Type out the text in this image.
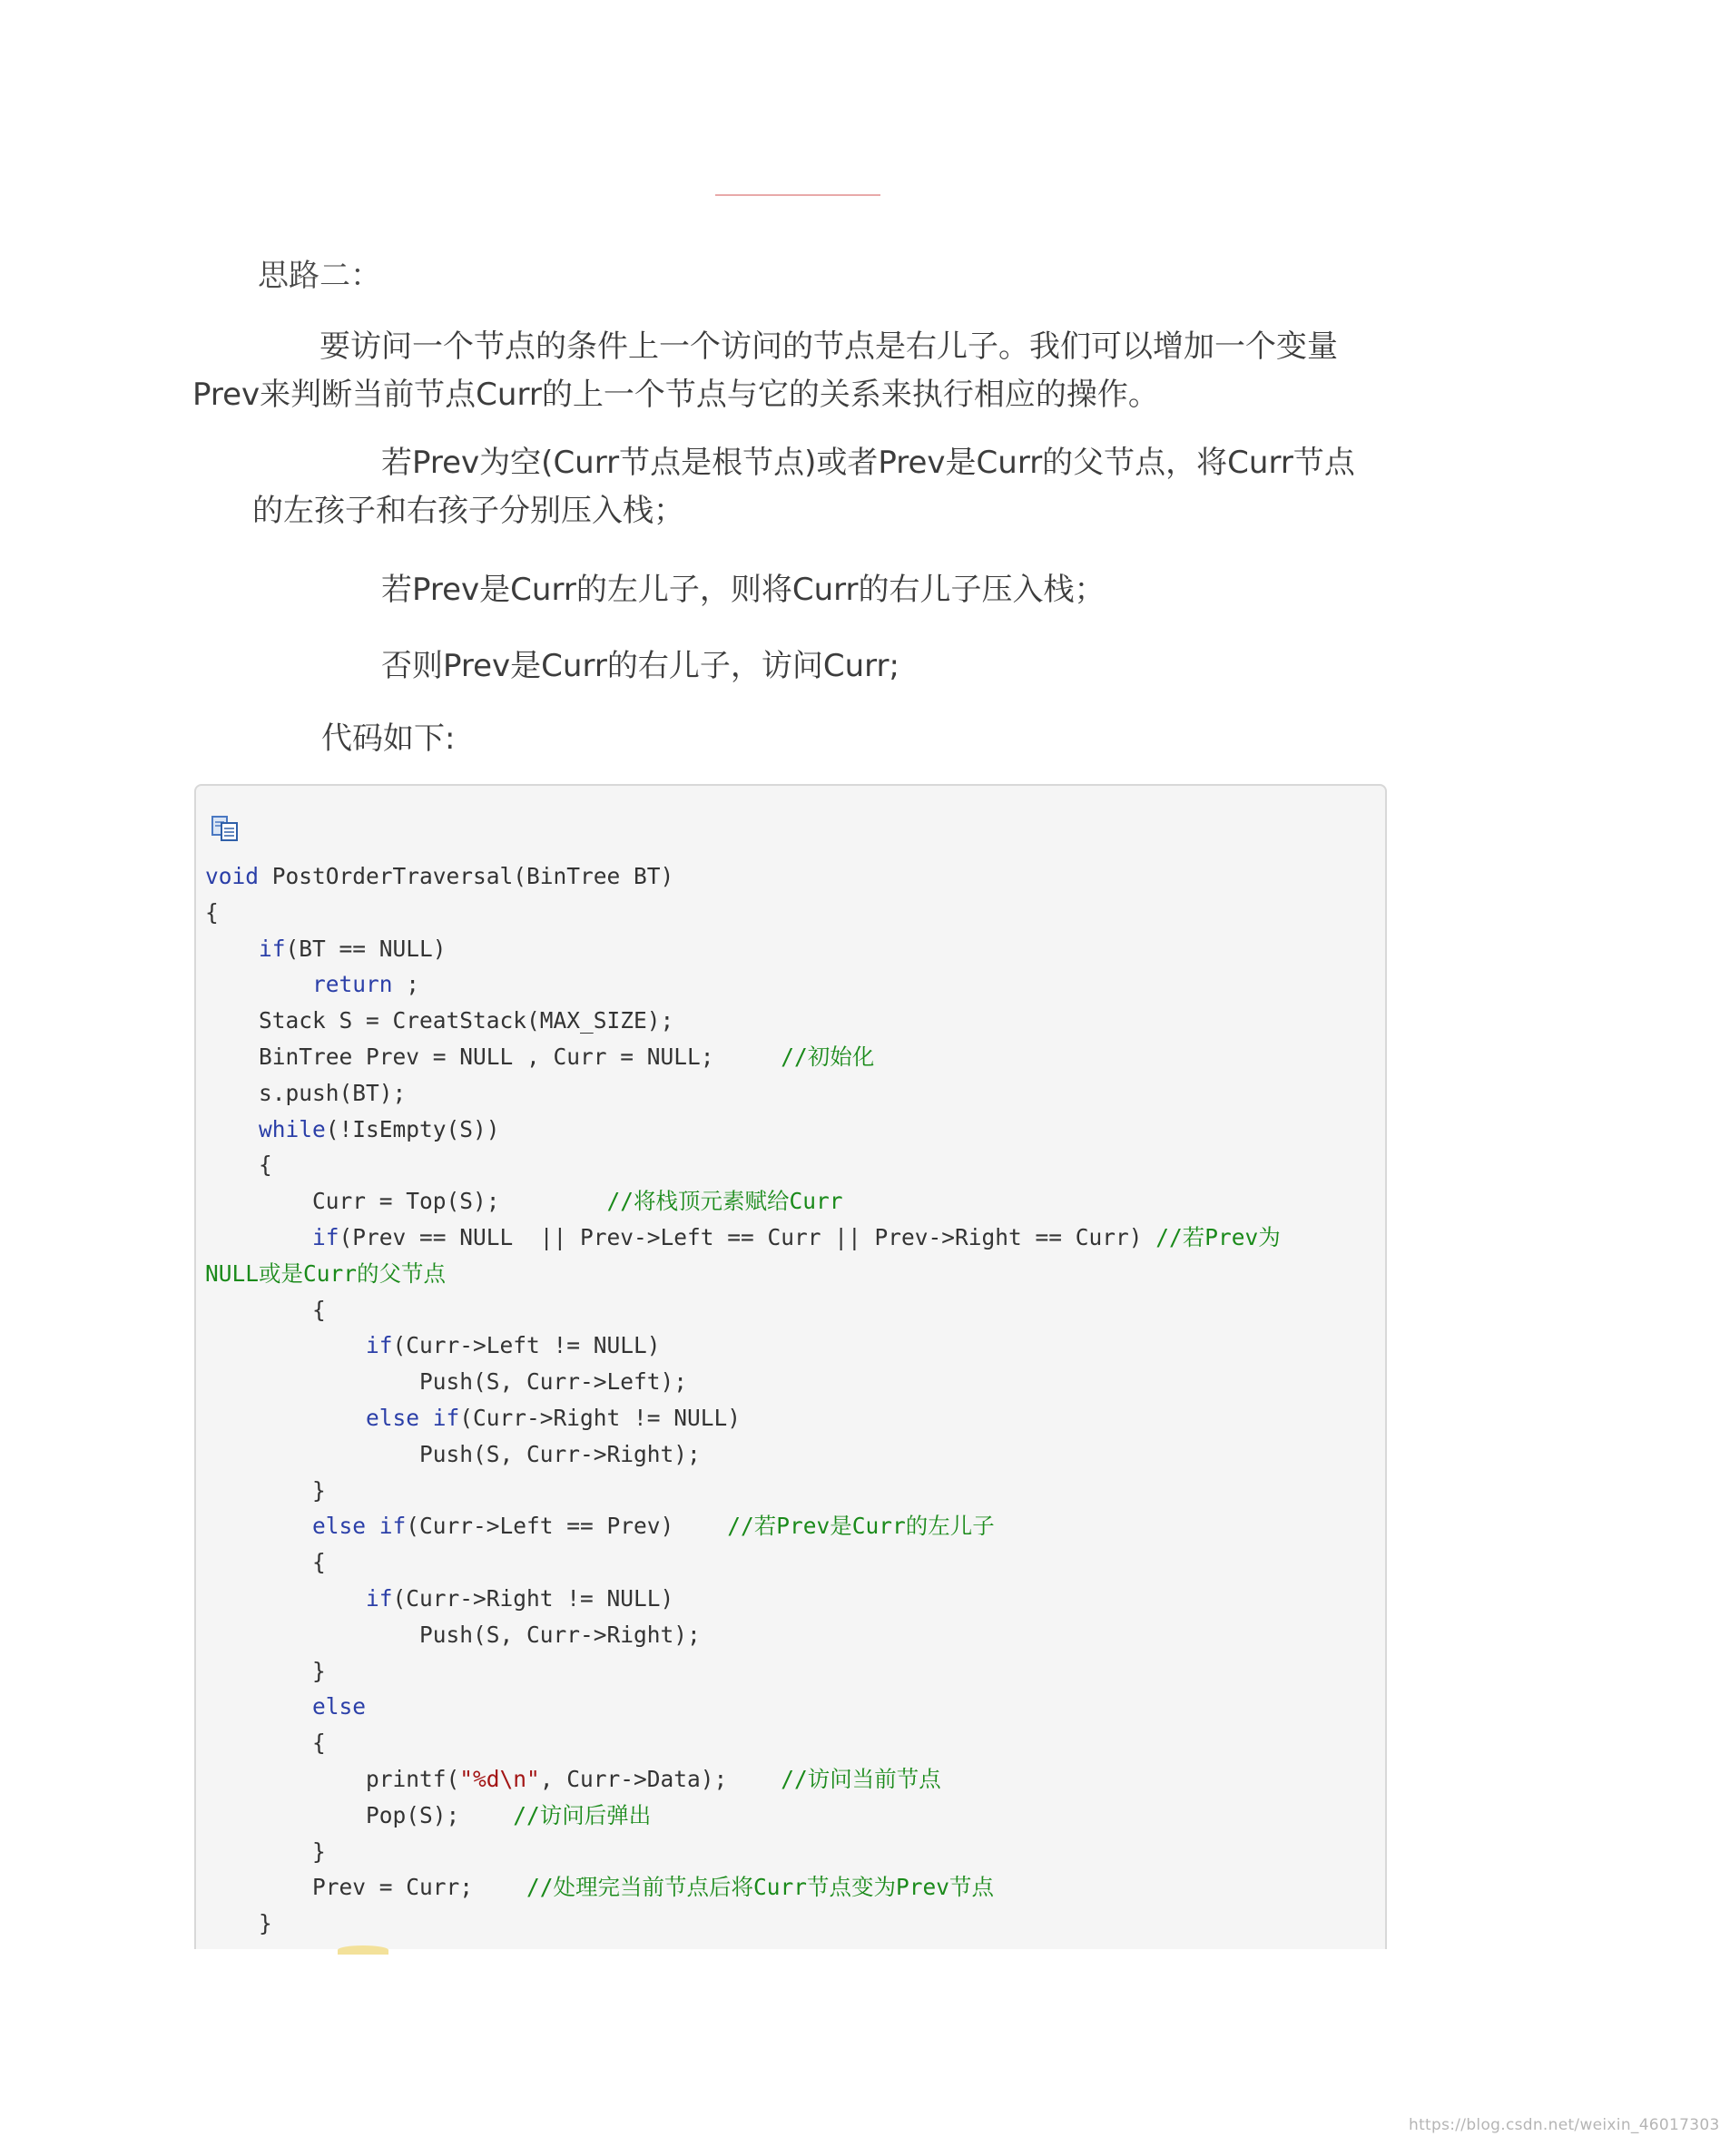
思路二：
要访问一个节点的条件上一个访问的节点是右儿子。我们可以增加一个变量Prev来判断当前节点Curr的上一个节点与它的关系来执行相应的操作。
若Prev为空(Curr节点是根节点)或者Prev是Curr的父节点，将Curr节点的左孩子和右孩子分别压入栈；
若Prev是Curr的左儿子，则将Curr的右儿子压入栈；
否则Prev是Curr的右儿子，访问Curr;
代码如下:
void PostOrderTraversal(BinTree BT)
{
if(BT == NULL)
return ;
Stack S = CreatStack(MAX_SIZE);
BinTree Prev = NULL , Curr = NULL;     //初始化
s.push(BT);
while(!IsEmpty(S))
{
Curr = Top(S);        //将栈顶元素赋给Curr
if(Prev == NULL  || Prev->Left == Curr || Prev->Right == Curr) //若Prev为
NULL或是Curr的父节点
{
if(Curr->Left != NULL)
Push(S, Curr->Left);
else if(Curr->Right != NULL)
Push(S, Curr->Right);
}
else if(Curr->Left == Prev)    //若Prev是Curr的左儿子
{
if(Curr->Right != NULL)
Push(S, Curr->Right);
}
else
{
printf("%d\n", Curr->Data);    //访问当前节点
Pop(S);    //访问后弹出
}
Prev = Curr;    //处理完当前节点后将Curr节点变为Prev节点
}
https://blog.csdn.net/weixin_46017303
